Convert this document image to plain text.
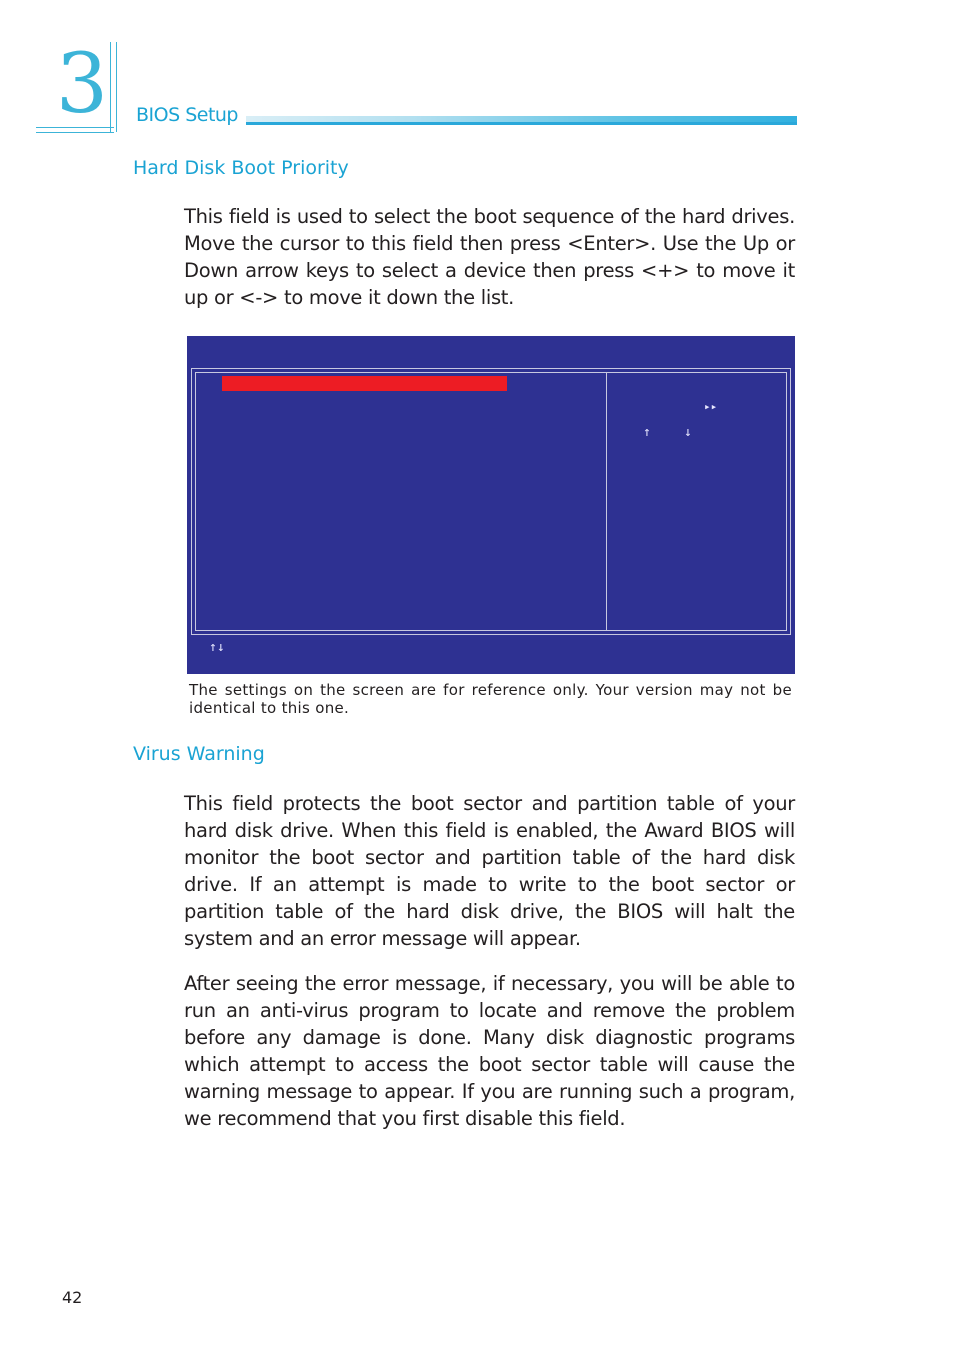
3 BIOS Setup
Hard Disk Boot Priority

This field is used to select the boot sequence of the hard drives. Move the cursor to this field then press <Enter>. Use the Up or Down arrow keys to select a device then press <+> to move it up or <-> to move it down the list.

▸▸
↑	↓
↑↓
The settings on the screen are for reference only. Your version may not be identical to this one.
Virus Warning

This field protects the boot sector and partition table of your hard disk drive. When this field is enabled, the Award BIOS will monitor the boot sector and partition table of the hard disk drive. If an attempt is made to write to the boot sector or partition table of the hard disk drive, the BIOS will halt the system and an error message will appear.

After seeing the error message, if necessary, you will be able to run an anti-virus program to locate and remove the problem before any damage is done. Many disk diagnostic programs which attempt to access the boot sector table will cause the warning message to appear. If you are running such a program, we recommend that you first disable this field.

42
